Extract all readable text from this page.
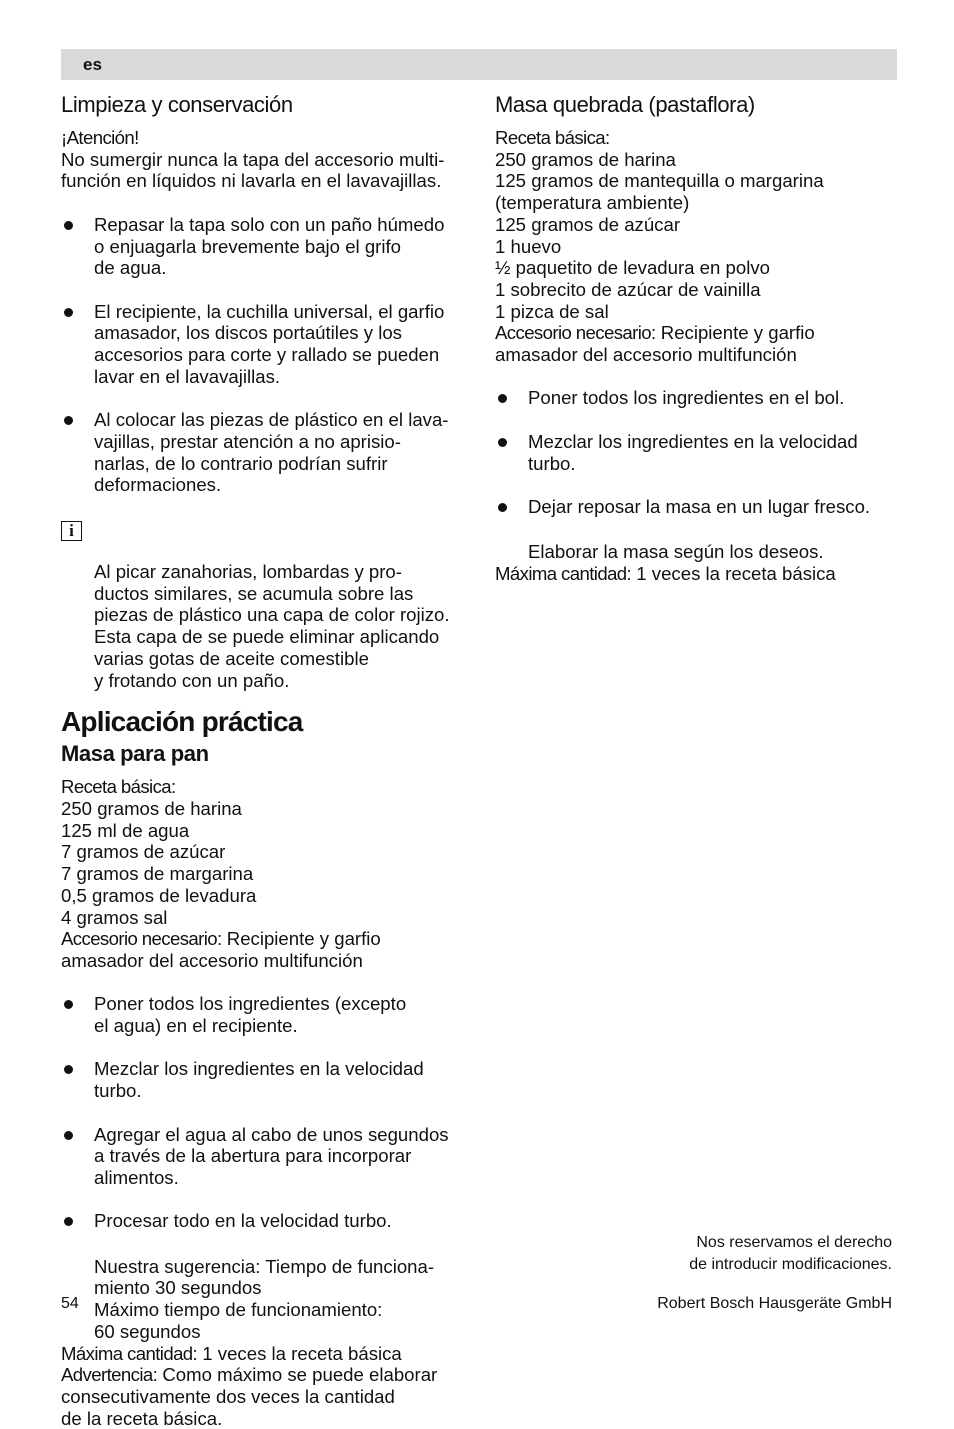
es
Limpieza y conservación
¡Atención!
No sumergir nunca la tapa del accesorio multi-
función en líquidos ni lavarla en el lavavajillas.

Repasar la tapa solo con un paño húmedo
o enjuagarla brevemente bajo el grifo
de agua.

El recipiente, la cuchilla universal, el garfio
amasador, los discos portaútiles y los
accesorios para corte y rallado se pueden
lavar en el lavavajillas.

Al colocar las piezas de plástico en el lava-
vajillas, prestar atención a no aprisio-
narlas, de lo contrario podrían sufrir
deformaciones.

i

Al picar zanahorias, lombardas y pro-
ductos similares, se acumula sobre las
piezas de plástico una capa de color rojizo.
Esta capa de se puede eliminar aplicando
varias gotas de aceite comestible
y frotando con un paño.

Aplicación práctica
Masa para pan
Receta básica:
250 gramos de harina
125 ml de agua
7 gramos de azúcar
7 gramos de margarina
0,5 gramos de levadura
4 gramos sal
Accesorio necesario: Recipiente y garfio
amasador del accesorio multifunción

Poner todos los ingredientes (excepto
el agua) en el recipiente.

Mezclar los ingredientes en la velocidad
turbo.

Agregar el agua al cabo de unos segundos
a través de la abertura para incorporar
alimentos.

Procesar todo en la velocidad turbo.

Nuestra sugerencia: Tiempo de funciona-
miento 30 segundos
Máximo tiempo de funcionamiento:
60 segundos
Máxima cantidad: 1 veces la receta básica
Advertencia: Como máximo se puede elaborar
consecutivamente dos veces la cantidad
de la receta básica.
Masa quebrada (pastaflora)
Receta básica:
250 gramos de harina
125 gramos de mantequilla o margarina
(temperatura ambiente)
125 gramos de azúcar
1 huevo
½ paquetito de levadura en polvo
1 sobrecito de azúcar de vainilla
1 pizca de sal
Accesorio necesario: Recipiente y garfio
amasador del accesorio multifunción

Poner todos los ingredientes en el bol.

Mezclar los ingredientes en la velocidad
turbo.

Dejar reposar la masa en un lugar fresco.

Elaborar la masa según los deseos.
Máxima cantidad: 1 veces la receta básica
Nos reservamos el derecho
de introducir modificaciones.
54	Robert Bosch Hausgeräte GmbH
